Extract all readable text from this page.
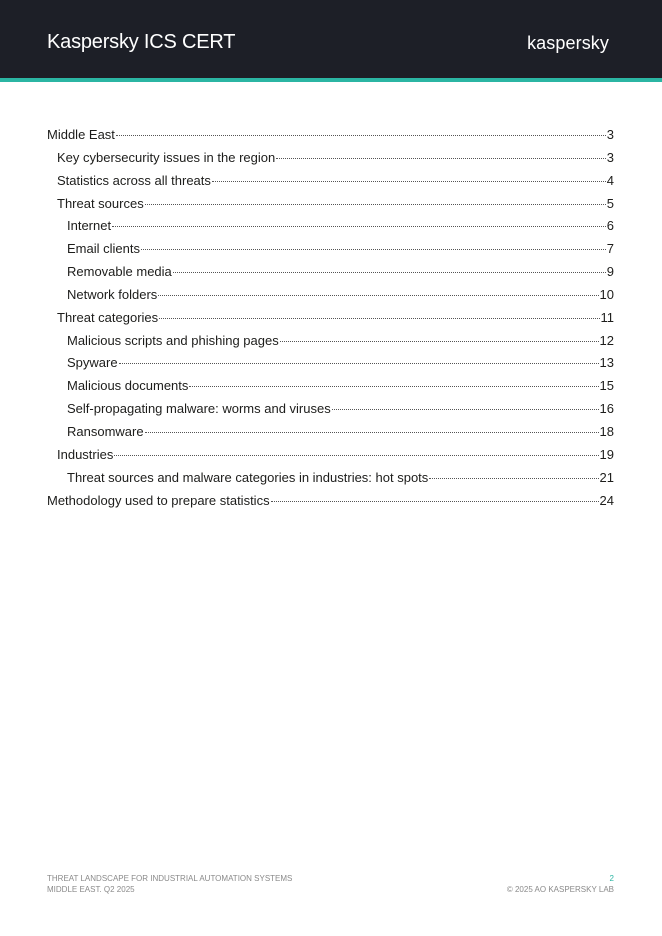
Kaspersky ICS CERT	kaspersky
Middle East	3
Key cybersecurity issues in the region	3
Statistics across all threats	4
Threat sources	5
Internet	6
Email clients	7
Removable media	9
Network folders	10
Threat categories	11
Malicious scripts and phishing pages	12
Spyware	13
Malicious documents	15
Self-propagating malware: worms and viruses	16
Ransomware	18
Industries	19
Threat sources and malware categories in industries: hot spots	21
Methodology used to prepare statistics	24
THREAT LANDSCAPE FOR INDUSTRIAL AUTOMATION SYSTEMS
MIDDLE EAST. Q2 2025
2
© 2025 AO KASPERSKY LAB
